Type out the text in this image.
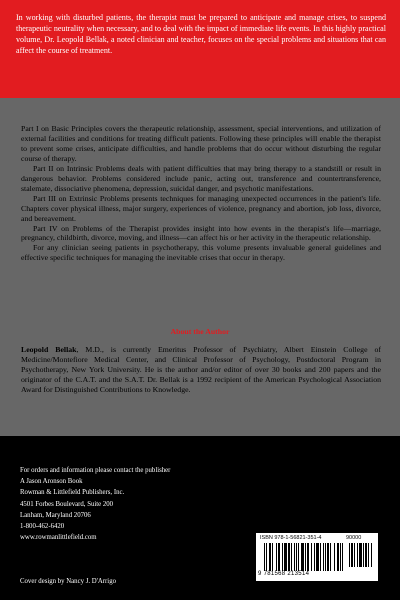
In working with disturbed patients, the therapist must be prepared to anticipate and manage crises, to suspend therapeutic neutrality when necessary, and to deal with the impact of immediate life events. In this highly practical volume, Dr. Leopold Bellak, a noted clinician and teacher, focuses on the special problems and situations that can affect the course of treatment.

Part I on Basic Principles covers the therapeutic relationship, assessment, special interventions, and utilization of external facilities and conditions for treating difficult patients. Following these principles will enable the therapist to prevent some crises, anticipate difficulties, and handle problems that do occur without disturbing the regular course of therapy.

Part II on Intrinsic Problems deals with patient difficulties that may bring therapy to a standstill or result in dangerous behavior. Problems considered include panic, acting out, transference and countertransference, stalemate, dissociative phenomena, depression, suicidal danger, and psychotic manifestations.

Part III on Extrinsic Problems presents techniques for managing unexpected occurrences in the patient's life. Chapters cover physical illness, major surgery, experiences of violence, pregnancy and abortion, job loss, divorce, and bereavement.

Part IV on Problems of the Therapist provides insight into how events in the therapist's life—marriage, pregnancy, childbirth, divorce, moving, and illness—can affect his or her activity in the therapeutic relationship.

For any clinician seeing patients in psychotherapy, this volume presents invaluable general guidelines and effective specific techniques for managing the inevitable crises that occur in therapy.

About the Author

Leopold Bellak, M.D., is currently Emeritus Professor of Psychiatry, Albert Einstein College of Medicine/Montefiore Medical Center, and Clinical Professor of Psychology, Postdoctoral Program in Psychotherapy, New York University. He is the author and/or editor of over 30 books and 200 papers and the originator of the C.A.T. and the S.A.T. Dr. Bellak is a 1992 recipient of the American Psychological Association Award for Distinguished Contributions to Knowledge.

For orders and information please contact the publisher
A Jason Aronson Book
Rowman & Littlefield Publishers, Inc.
4501 Forbes Boulevard, Suite 200
Lanham, Maryland 20706
1-800-462-6420
www.rowmanlittlefield.com
Cover design by Nancy J. D'Arrigo
ISBN 978-1-56821-351-4	90000
9 781568 213514
